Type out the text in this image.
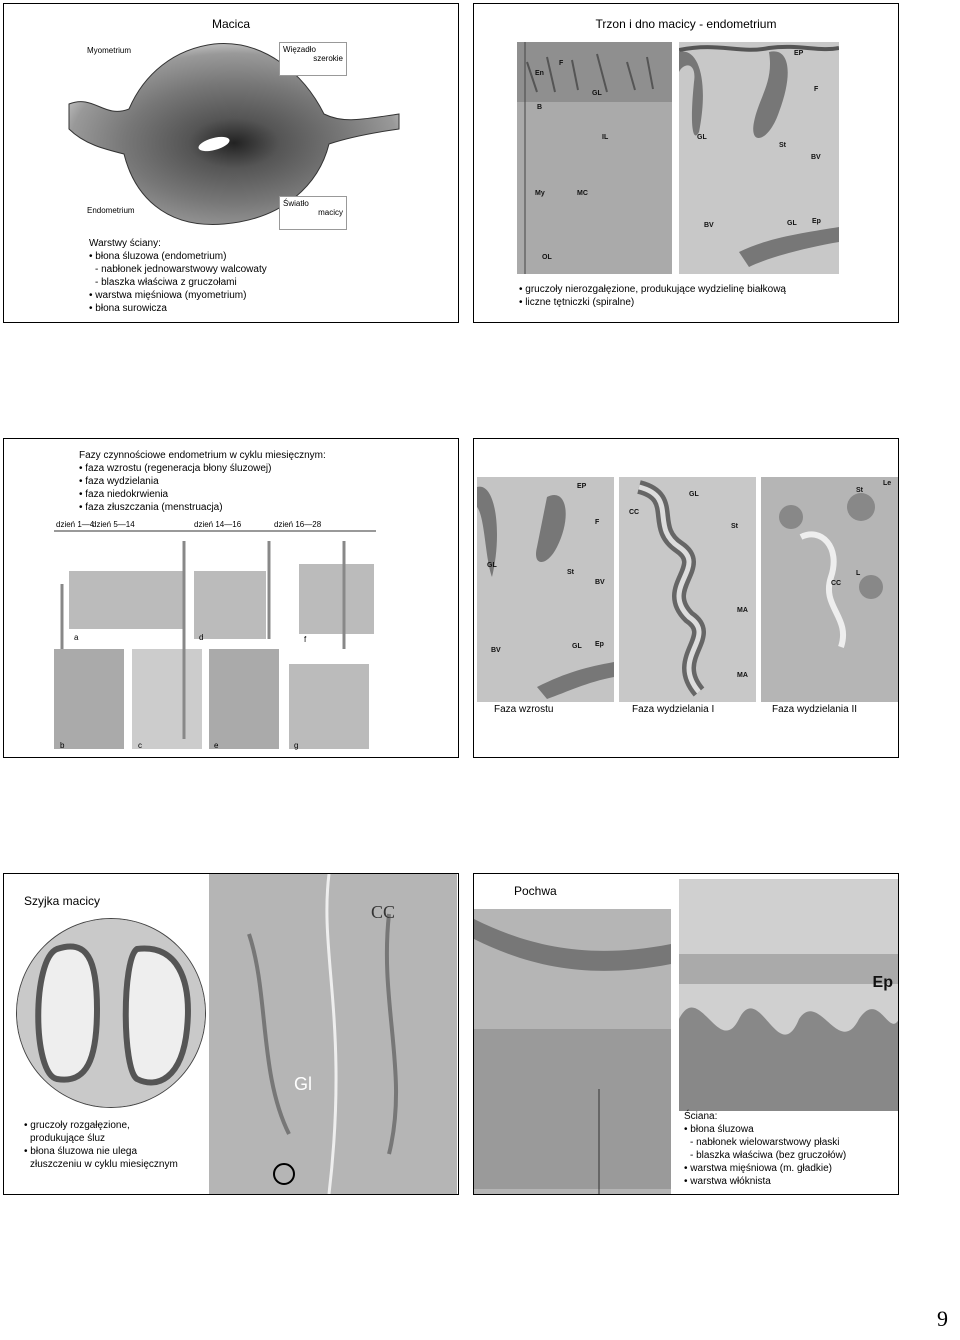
Macica
Myometrium	Więzadło
szerokie
Endometrium
Światło
macicy
Warstwy ściany:
• błona śluzowa (endometrium)
- nabłonek jednowarstwowy walcowaty
- blaszka właściwa z gruczołami
• warstwa mięśniowa (myometrium)
• błona surowicza
Trzon i dno macicy - endometrium
En
F
B
GL
IL
My	MC
OL
EP
F
GL
St
BV
BV	GL Ep
• gruczoły nierozgałęzione, produkujące wydzielinę białkową
• liczne tętniczki (spiralne)
Fazy czynnościowe endometrium w cyklu miesięcznym:
• faza wzrostu (regeneracja błony śluzowej)
• faza wydzielania
• faza niedokrwienia
• faza złuszczania (menstruacja)
dzień 1—4
dzień 5—14	dzień 14—16	dzień 16—28
a
b	c
d
e
f
g
EP
F
GL
St
BV
BV
GL Ep
CC
GL
St
MA
MA
St
Le
CC
L
Faza wzrostu	Faza wydzielania I	Faza wydzielania II
Szyjka macicy
CC
Gl
• gruczoły rozgałęzione,
produkujące śluz
• błona śluzowa nie ulega
złuszczeniu w cyklu miesięcznym
Pochwa
Ep
Ściana:
• błona śluzowa
- nabłonek wielowarstwowy płaski
- blaszka właściwa (bez gruczołów)
• warstwa mięśniowa (m. gładkie)
• warstwa włóknista
9
